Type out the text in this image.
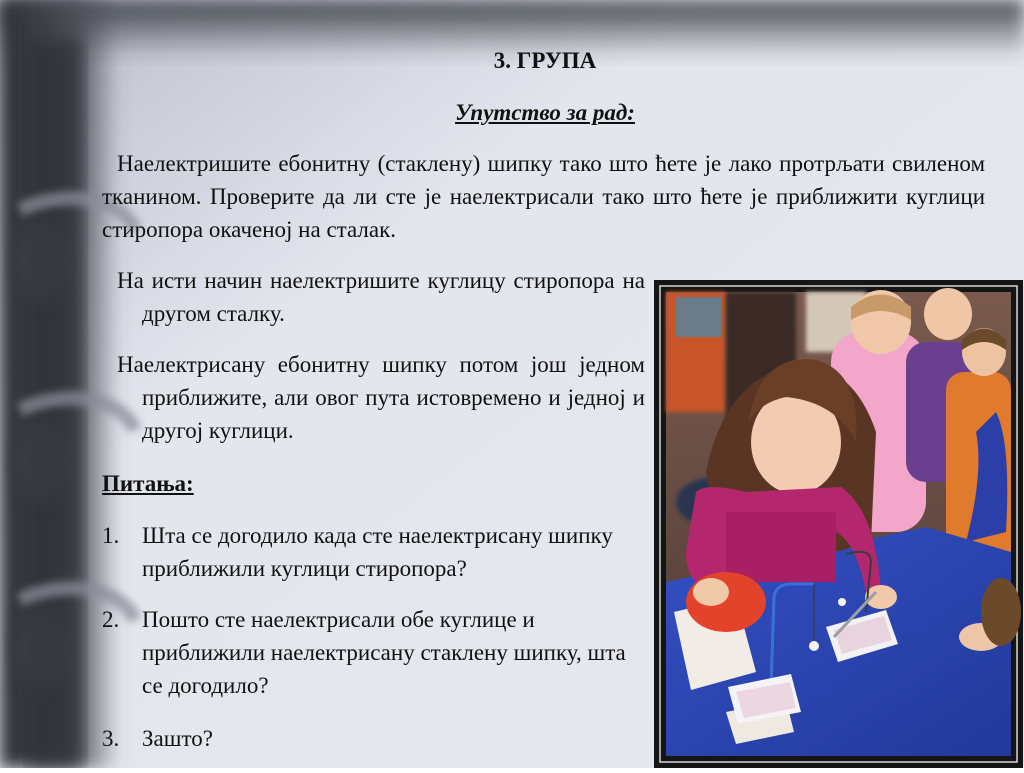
3. ГРУПА
Упутство за рад:
Наелектришите ебонитну (стаклену) шипку тако што ћете је лако протрљати свиленом тканином. Проверите да ли сте је наелектрисали тако што ћете је приближити куглици стиропора окаченој на сталак.
На исти начин наелектришите куглицу стиропора на другом сталку.
Наелектрисану ебонитну шипку потом још једном приближите, али овог пута истовремено и једној и другој куглици.
Питања:
1. Шта се догодило када сте наелектрисану шипку приближили куглици стиропора?
2. Пошто сте наелектрисали обе куглице и приближили наелектрисану стаклену шипку, шта се догодило?
3. Зашто?
